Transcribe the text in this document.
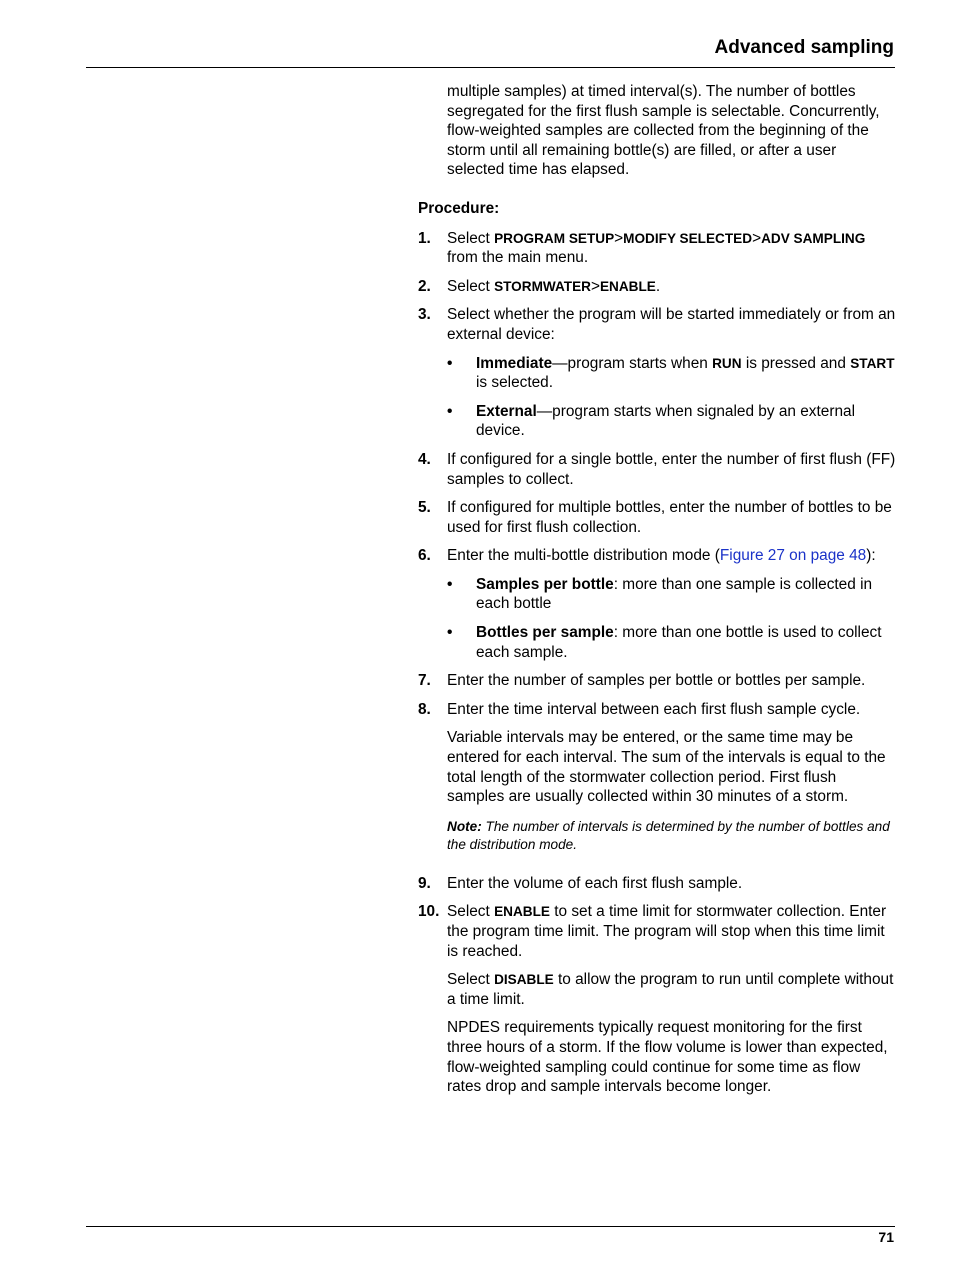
Advanced sampling

multiple samples) at timed interval(s). The number of bottles segregated for the first flush sample is selectable. Concurrently, flow-weighted samples are collected from the beginning of the storm until all remaining bottle(s) are filled, or after a user selected time has elapsed.

Procedure:

1. Select PROGRAM SETUP>MODIFY SELECTED>ADV SAMPLING from the main menu.
2. Select STORMWATER>ENABLE.
3. Select whether the program will be started immediately or from an external device:
• Immediate—program starts when RUN is pressed and START is selected.
• External—program starts when signaled by an external device.
4. If configured for a single bottle, enter the number of first flush (FF) samples to collect.
5. If configured for multiple bottles, enter the number of bottles to be used for first flush collection.
6. Enter the multi-bottle distribution mode (Figure 27 on page 48):
• Samples per bottle: more than one sample is collected in each bottle
• Bottles per sample: more than one bottle is used to collect each sample.
7. Enter the number of samples per bottle or bottles per sample.
8. Enter the time interval between each first flush sample cycle.

Variable intervals may be entered, or the same time may be entered for each interval. The sum of the intervals is equal to the total length of the stormwater collection period. First flush samples are usually collected within 30 minutes of a storm.

Note: The number of intervals is determined by the number of bottles and the distribution mode.

9. Enter the volume of each first flush sample.
10. Select ENABLE to set a time limit for stormwater collection. Enter the program time limit. The program will stop when this time limit is reached.

Select DISABLE to allow the program to run until complete without a time limit.

NPDES requirements typically request monitoring for the first three hours of a storm. If the flow volume is lower than expected, flow-weighted sampling could continue for some time as flow rates drop and sample intervals become longer.

71
